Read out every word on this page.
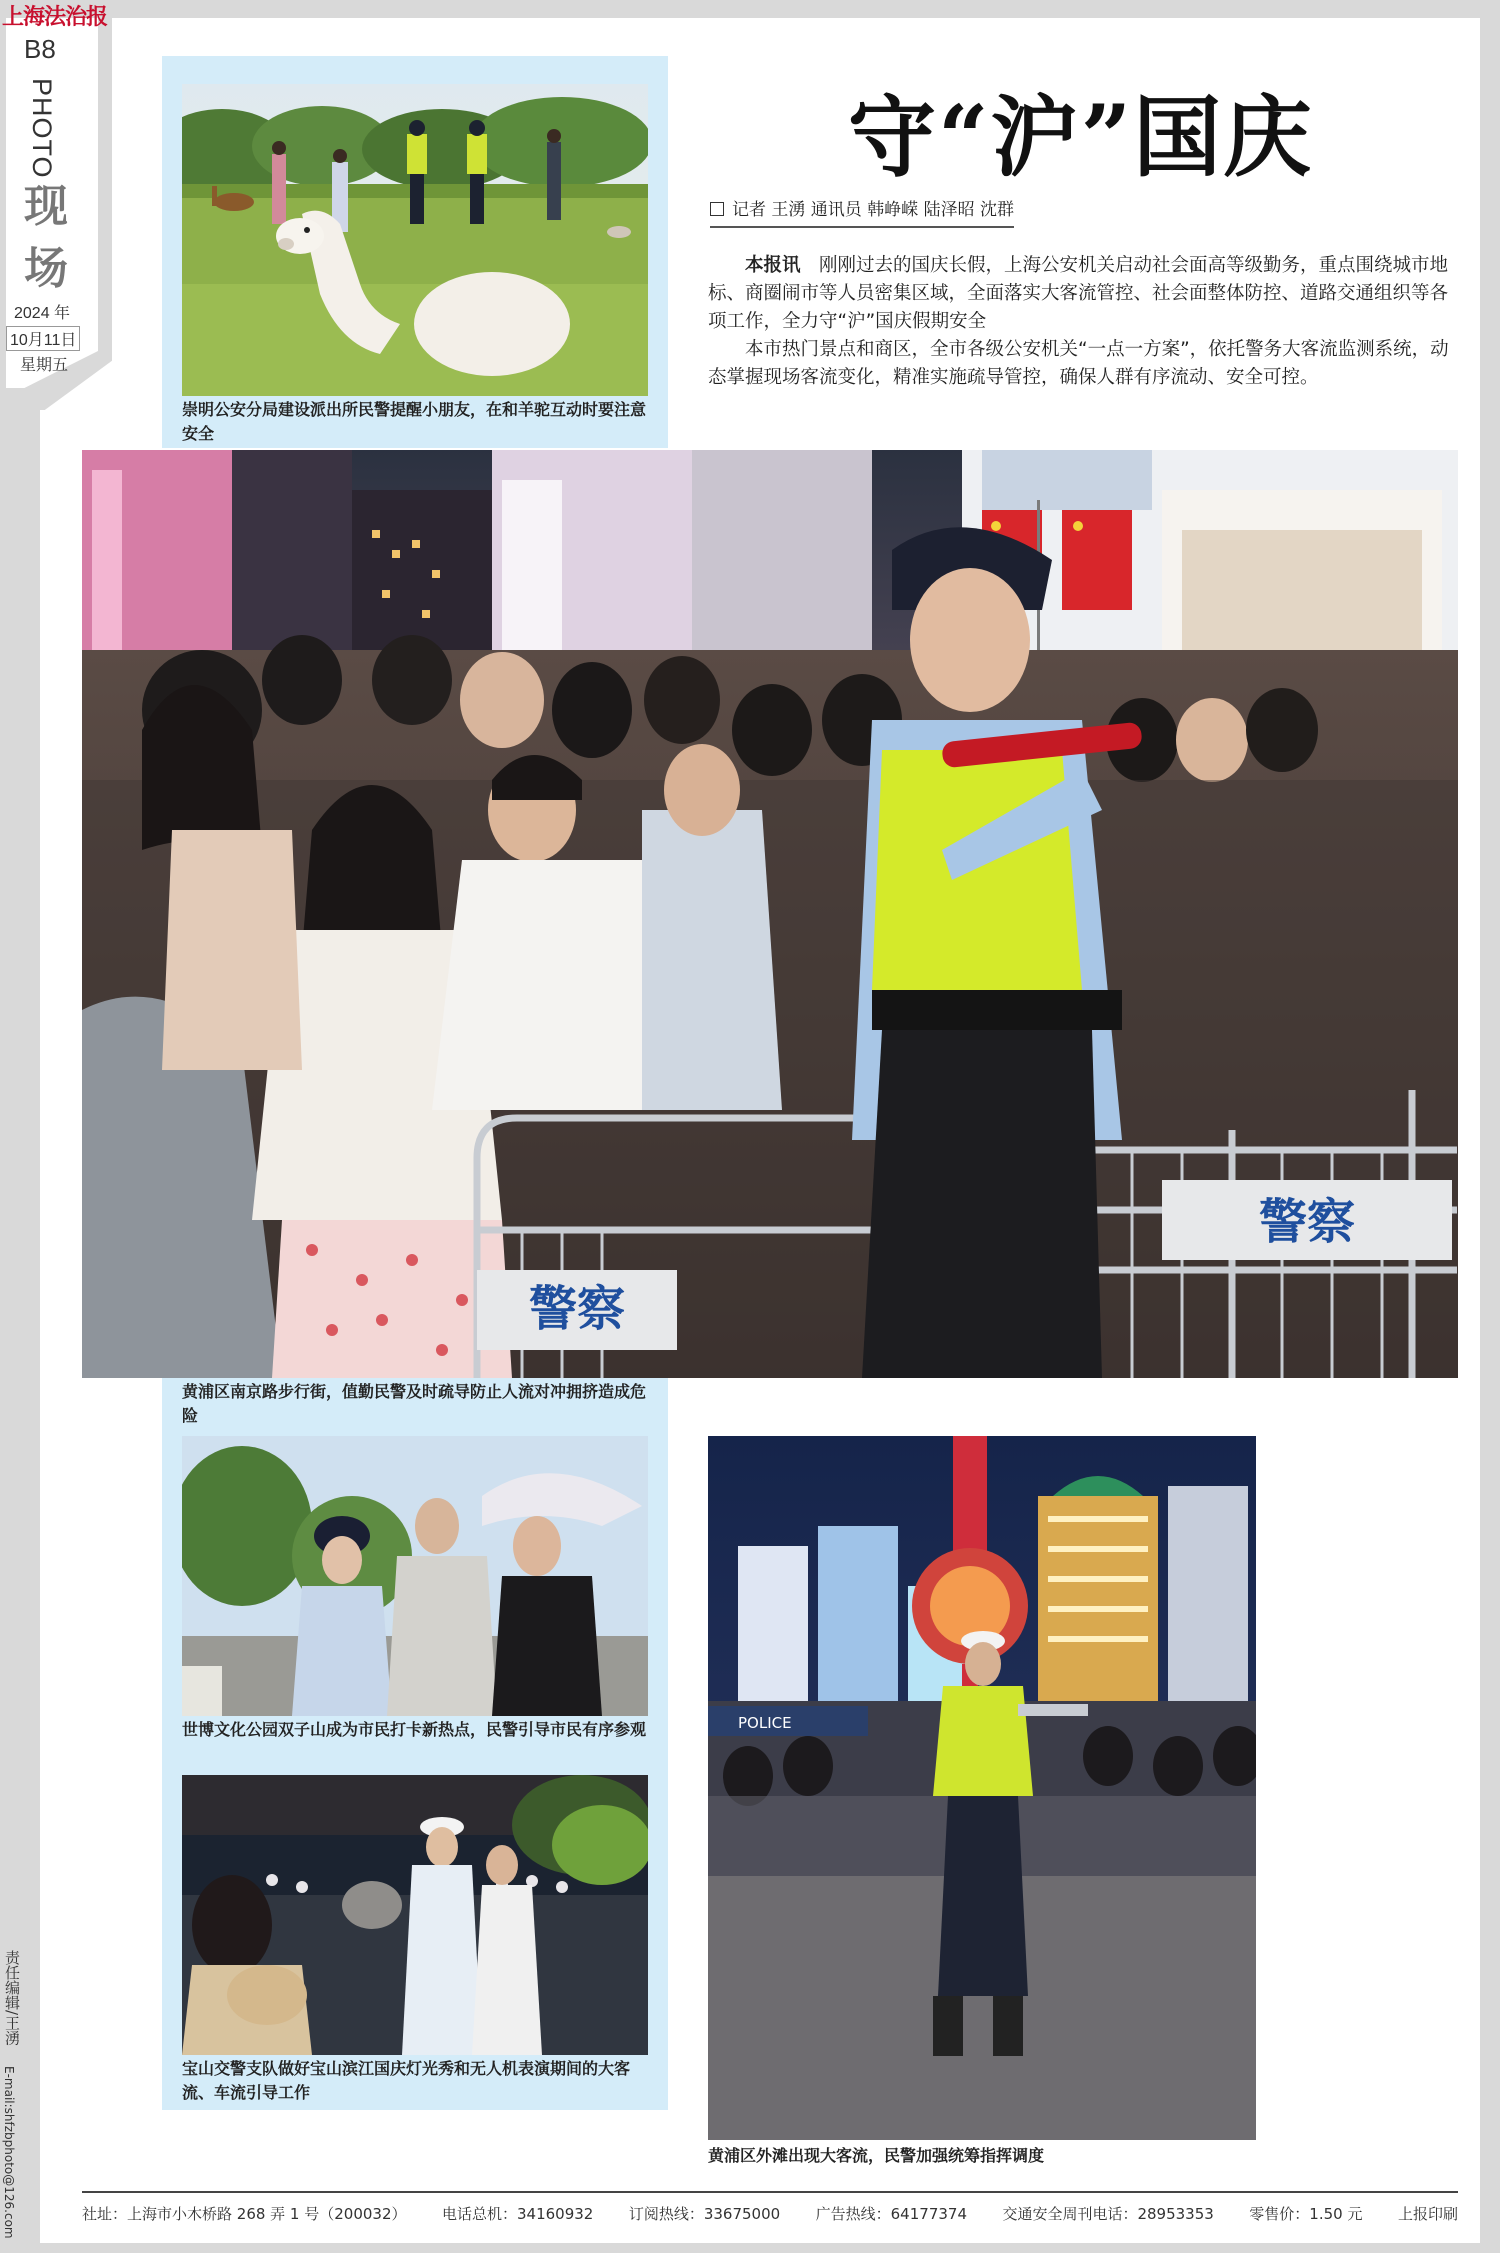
上海法治报
B8
PHOTO
现
场
2024 年
10月11日
星期五
崇明公安分局建设派出所民警提醒小朋友，在和羊驼互动时要注意安全
守“沪”国庆
记者 王湧 通讯员 韩峥嵘 陆泽昭 沈群

本报讯　 刚刚过去的国庆长假，上海公安机关启动社会面高等级勤务，重点围绕城市地标、商圈闹市等人员密集区域，全面落实大客流管控、社会面整体防控、道路交通组织等各项工作，全力守“沪”国庆假期安全

本市热门景点和商区，全市各级公安机关“一点一方案”，依托警务大客流监测系统，动态掌握现场客流变化，精准实施疏导管控，确保人群有序流动、安全可控。

警察
警察
黄浦区南京路步行街，值勤民警及时疏导防止人流对冲拥挤造成危险
世博文化公园双子山成为市民打卡新热点，民警引导市民有序参观
宝山交警支队做好宝山滨江国庆灯光秀和无人机表演期间的大客流、车流引导工作
POLICE
黄浦区外滩出现大客流，民警加强统筹指挥调度
责任编辑/王湧
E-mail:shfzbphoto@126.com	社址：上海市小木桥路 268 弄 1 号（200032） 电话总机：34160932 订阅热线：33675000 广告热线：64177374 交通安全周刊电话：28953353 零售价：1.50 元 上报印刷
